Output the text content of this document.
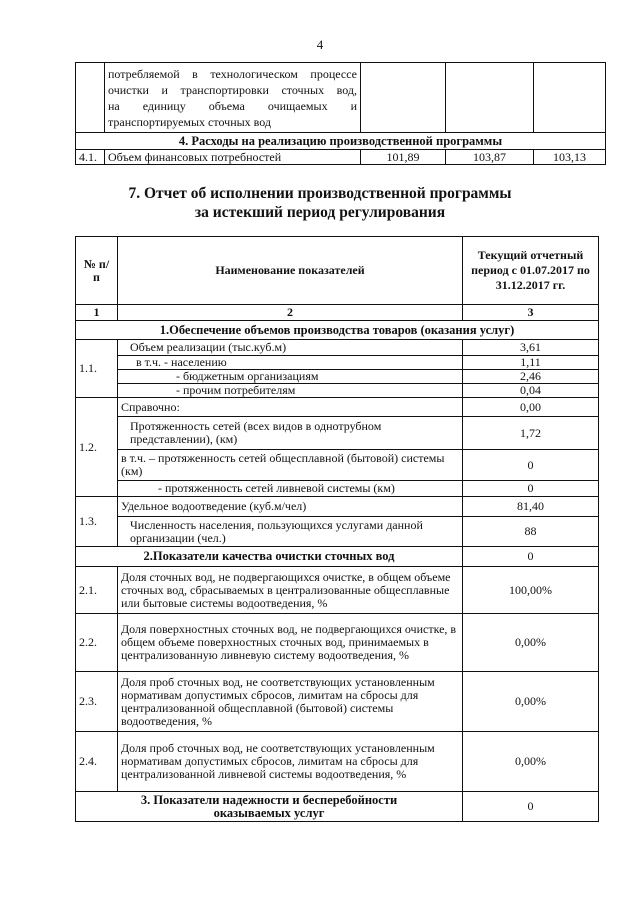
4

	потребляемой в технологическом процессе
очистки и транспортировки сточных вод,
на единицу объема очищаемых и
транспортируемых сточных вод			

4. Расходы на реализацию производственной программы				
4.1.	Объем финансовых потребностей	101,89	103,87	103,13
7. Отчет об исполнении производственной программы
за истекший период регулирования
№ п/п	Наименование показателей	Текущий отчетный период с 01.07.2017 по 31.12.2017 гг.
1	2	3
1.Обеспечение объемов производства товаров (оказания услуг)		
1.1.	Объем реализации (тыс.куб.м)	3,61
	в т.ч. - населению	1,11
	- бюджетным организациям	2,46
	- прочим потребителям	0,04
1.2.	Справочно:	0,00
	Протяженность сетей (всех видов в однотрубном представлении), (км)	1,72
	в т.ч. – протяженность сетей общесплавной (бытовой) системы (км)	0
	- протяженность сетей ливневой системы (км)	0
1.3.	Удельное водоотведение (куб.м/чел)	81,40
	Численность населения, пользующихся услугами данной организации (чел.)	88
2.Показатели качества очистки сточных вод		0
2.1.	Доля сточных вод, не подвергающихся очистке, в общем объеме сточных вод, сбрасываемых в централизованные общесплавные или бытовые системы водоотведения, %	100,00%
2.2.	Доля поверхностных сточных вод, не подвергающихся очистке, в общем объеме поверхностных сточных вод, принимаемых в централизованную ливневую систему водоотведения, %	0,00%
2.3.	Доля проб сточных вод, не соответствующих установленным нормативам допустимых сбросов, лимитам на сбросы для централизованной общесплавной (бытовой) системы водоотведения, %	0,00%
2.4.	Доля проб сточных вод, не соответствующих установленным нормативам допустимых сбросов, лимитам на сбросы для централизованной ливневой системы водоотведения, %	0,00%
3. Показатели надежности и бесперебойности оказываемых услуг		0
